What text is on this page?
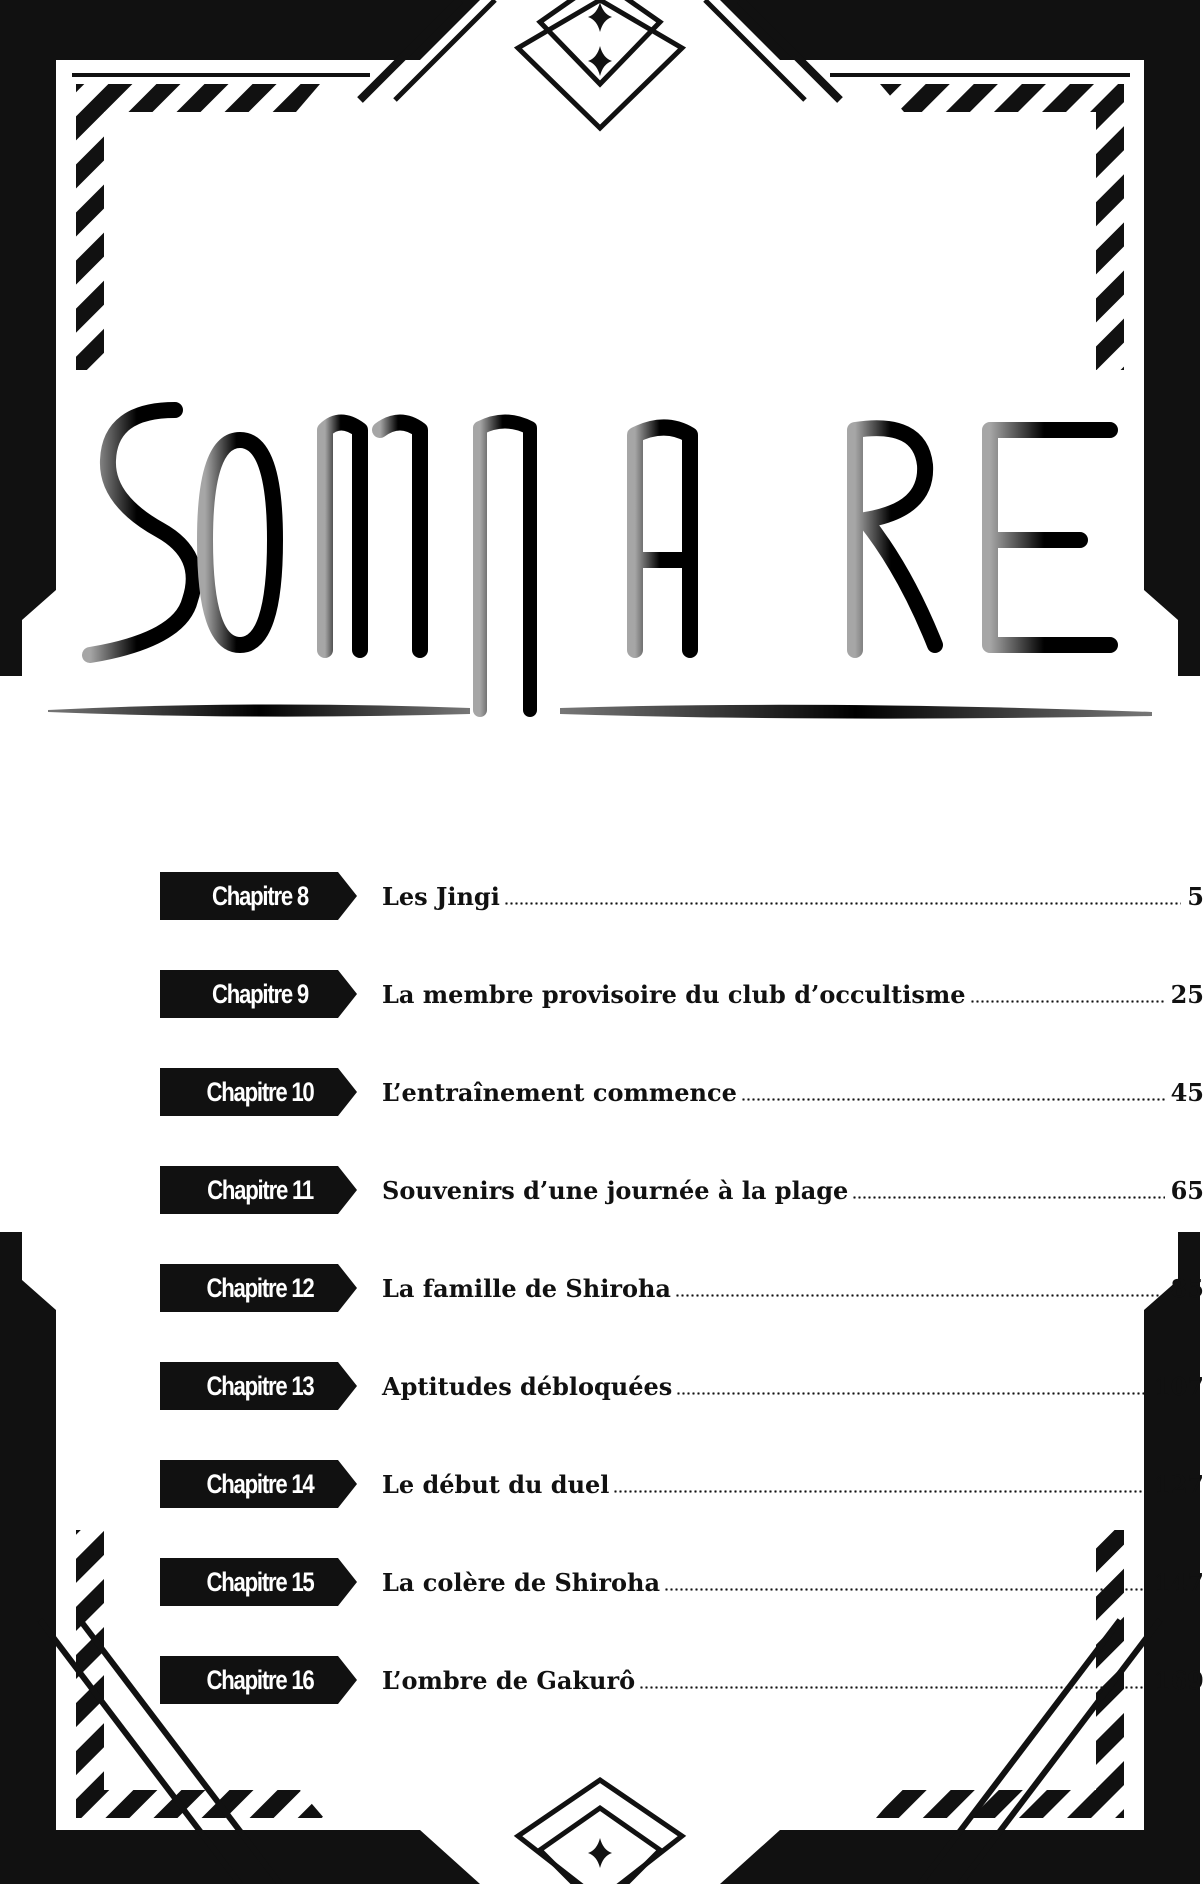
Chapitre 8	Les Jingi	5
Chapitre 9	La membre provisoire du club d’occultisme	25
Chapitre 10	L’entraînement commence	45
Chapitre 11	Souvenirs d’une journée à la plage	65
Chapitre 12	La famille de Shiroha	85
Chapitre 13	Aptitudes débloquées	107
Chapitre 14	Le début du duel	127
Chapitre 15	La colère de Shiroha	147
Chapitre 16	L’ombre de Gakurô	169
